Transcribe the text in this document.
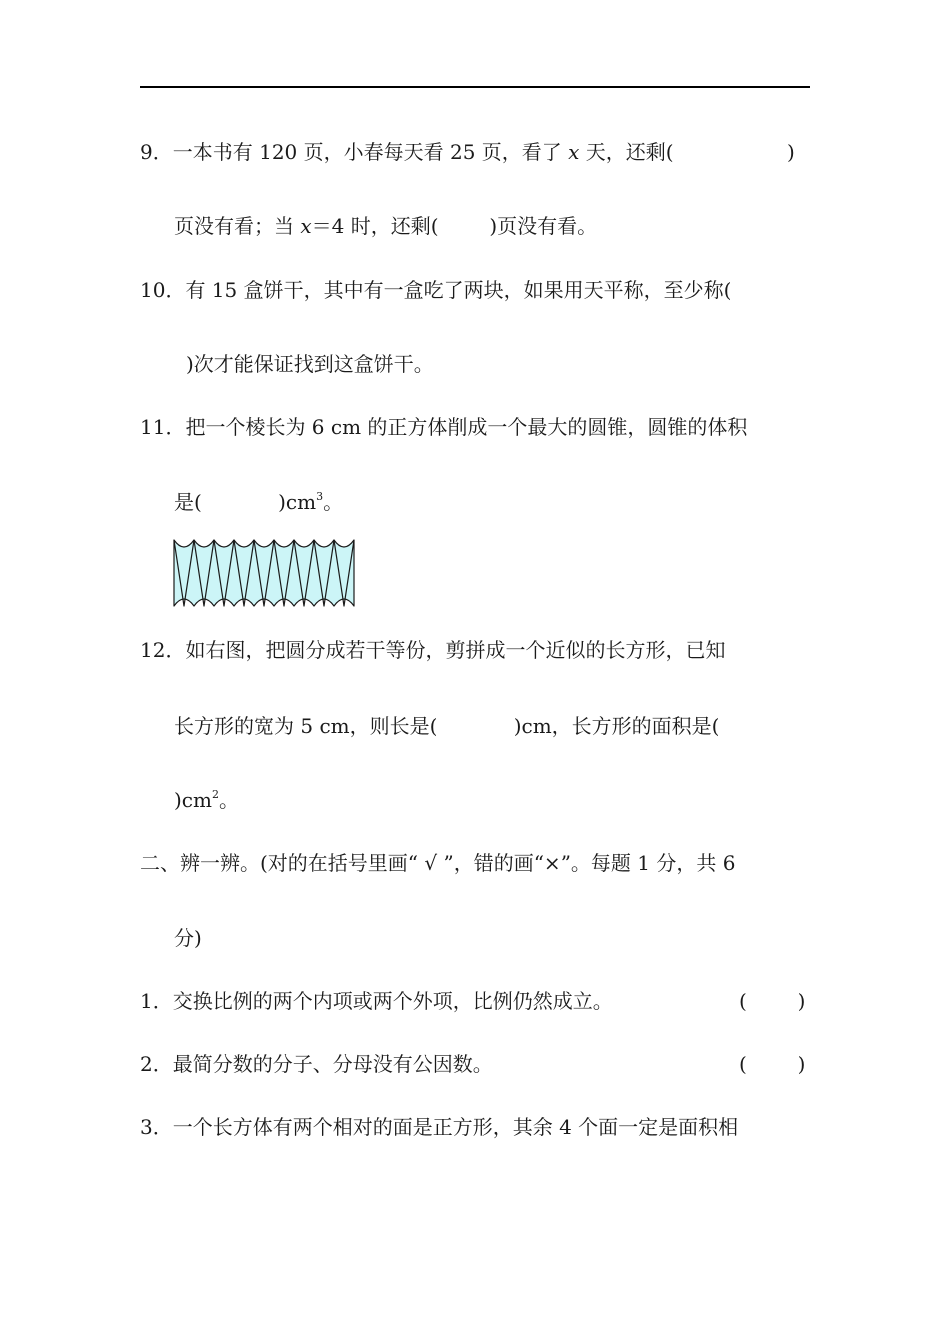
9．一本书有 120 页，小春每天看 25 页，看了 x 天，还剩(	)
页没有看；当 x＝4 时，还剩(        )页没有看。
10．有 15 盒饼干，其中有一盒吃了两块，如果用天平称，至少称(
)次才能保证找到这盒饼干。
11．把一个棱长为 6 cm 的正方体削成一个最大的圆锥，圆锥的体积
是(            )$cm^3$。
12．如右图，把圆分成若干等份，剪拼成一个近似的长方形，已知
长方形的宽为 5 cm，则长是(            )cm，长方形的面积是(
)$cm^2$。
二、辨一辨。(对的在括号里画“ √ ”，错的画“×”。每题 1 分，共 6
分)
1．交换比例的两个内项或两个外项，比例仍然成立。	(        )
2．最简分数的分子、分母没有公因数。	(        )
3．一个长方体有两个相对的面是正方形，其余 4 个面一定是面积相
